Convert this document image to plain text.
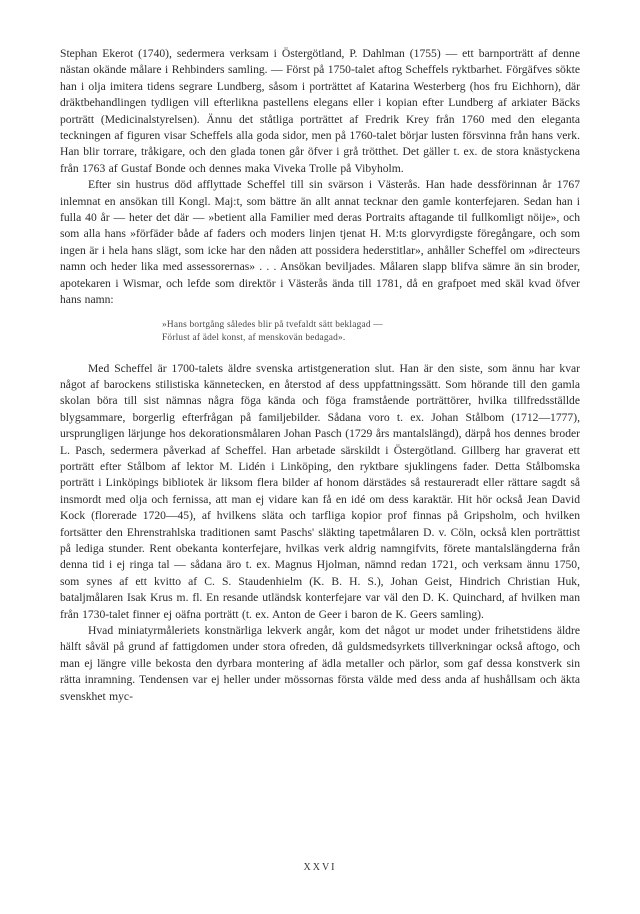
Stephan Ekerot (1740), sedermera verksam i Östergötland, P. Dahlman (1755) — ett barnporträtt af denne nästan okände målare i Rehbinders samling. — Först på 1750-talet aftog Scheffels ryktbarhet. Förgäfves sökte han i olja imitera tidens segrare Lundberg, såsom i porträttet af Katarina Westerberg (hos fru Eichhorn), där dräktbehandlingen tydligen vill efterlikna pastellens elegans eller i kopian efter Lundberg af arkiater Bäcks porträtt (Medicinalstyrelsen). Ännu det ståtliga porträttet af Fredrik Krey från 1760 med den eleganta teckningen af figuren visar Scheffels alla goda sidor, men på 1760-talet börjar lusten försvinna från hans verk. Han blir torrare, tråkigare, och den glada tonen går öfver i grå trötthet. Det gäller t. ex. de stora knästyckena från 1763 af Gustaf Bonde och dennes maka Viveka Trolle på Vibyholm.

Efter sin hustrus död afflyttade Scheffel till sin svärson i Västerås. Han hade dessförinnan år 1767 inlemnat en ansökan till Kongl. Maj:t, som bättre än allt annat tecknar den gamle konterfejaren. Sedan han i fulla 40 år — heter det där — »betient alla Familier med deras Portraits aftagande til fullkomligt nöije», och som alla hans »förfäder både af faders och moders linjen tjenat H. M:ts glorvyrdigste föregångare, och som ingen är i hela hans slägt, som icke har den nåden att possidera hederstitlar», anhåller Scheffel om »directeurs namn och heder lika med assessorernas» . . . Ansökan beviljades. Målaren slapp blifva sämre än sin broder, apotekaren i Wismar, och lefde som direktör i Västerås ända till 1781, då en grafpoet med skäl kvad öfver hans namn:

»Hans bortgång således blir på tvefaldt sätt beklagad —
Förlust af ädel konst, af menskovän bedagad».

Med Scheffel är 1700-talets äldre svenska artistgeneration slut. Han är den siste, som ännu har kvar något af barockens stilistiska kännetecken, en återstod af dess uppfattningssätt. Som hörande till den gamla skolan böra till sist nämnas några föga kända och föga framstående porträttörer, hvilka tillfredsställde blygsammare, borgerlig efterfrågan på familjebilder. Sådana voro t. ex. Johan Stålbom (1712—1777), ursprungligen lärjunge hos dekorationsmålaren Johan Pasch (1729 års mantalslängd), därpå hos dennes broder L. Pasch, sedermera påverkad af Scheffel. Han arbetade särskildt i Östergötland. Gillberg har graverat ett porträtt efter Stålbom af lektor M. Lidén i Linköping, den ryktbare sjuklingens fader. Detta Stålbomska porträtt i Linköpings bibliotek är liksom flera bilder af honom därstädes så restaureradt eller rättare sagdt så insmordt med olja och fernissa, att man ej vidare kan få en idé om dess karaktär. Hit hör också Jean David Kock (florerade 1720—45), af hvilkens släta och tarfliga kopior prof finnas på Gripsholm, och hvilken fortsätter den Ehrenstrahlska traditionen samt Paschs' släkting tapetmålaren D. v. Cöln, också klen porträttist på lediga stunder. Rent obekanta konterfejare, hvilkas verk aldrig namngifvits, förete mantalslängderna från denna tid i ej ringa tal — sådana äro t. ex. Magnus Hjolman, nämnd redan 1721, och verksam ännu 1750, som synes af ett kvitto af C. S. Staudenhielm (K. B. H. S.), Johan Geist, Hindrich Christian Huk, bataljmålaren Isak Krus m. fl. En resande utländsk konterfejare var väl den D. K. Quinchard, af hvilken man från 1730-talet finner ej oäfna porträtt (t. ex. Anton de Geer i baron de K. Geers samling).

Hvad miniatyrmåleriets konstnärliga lekverk angår, kom det något ur modet under frihetstidens äldre hälft såväl på grund af fattigdomen under stora ofreden, då guldsmedsyrkets tillverkningar också aftogo, och man ej längre ville bekosta den dyrbara montering af ädla metaller och pärlor, som gaf dessa konstverk sin rätta inramning. Tendensen var ej heller under mössornas första välde med dess anda af hushållsam och äkta svenskhet myc-

XXVI
